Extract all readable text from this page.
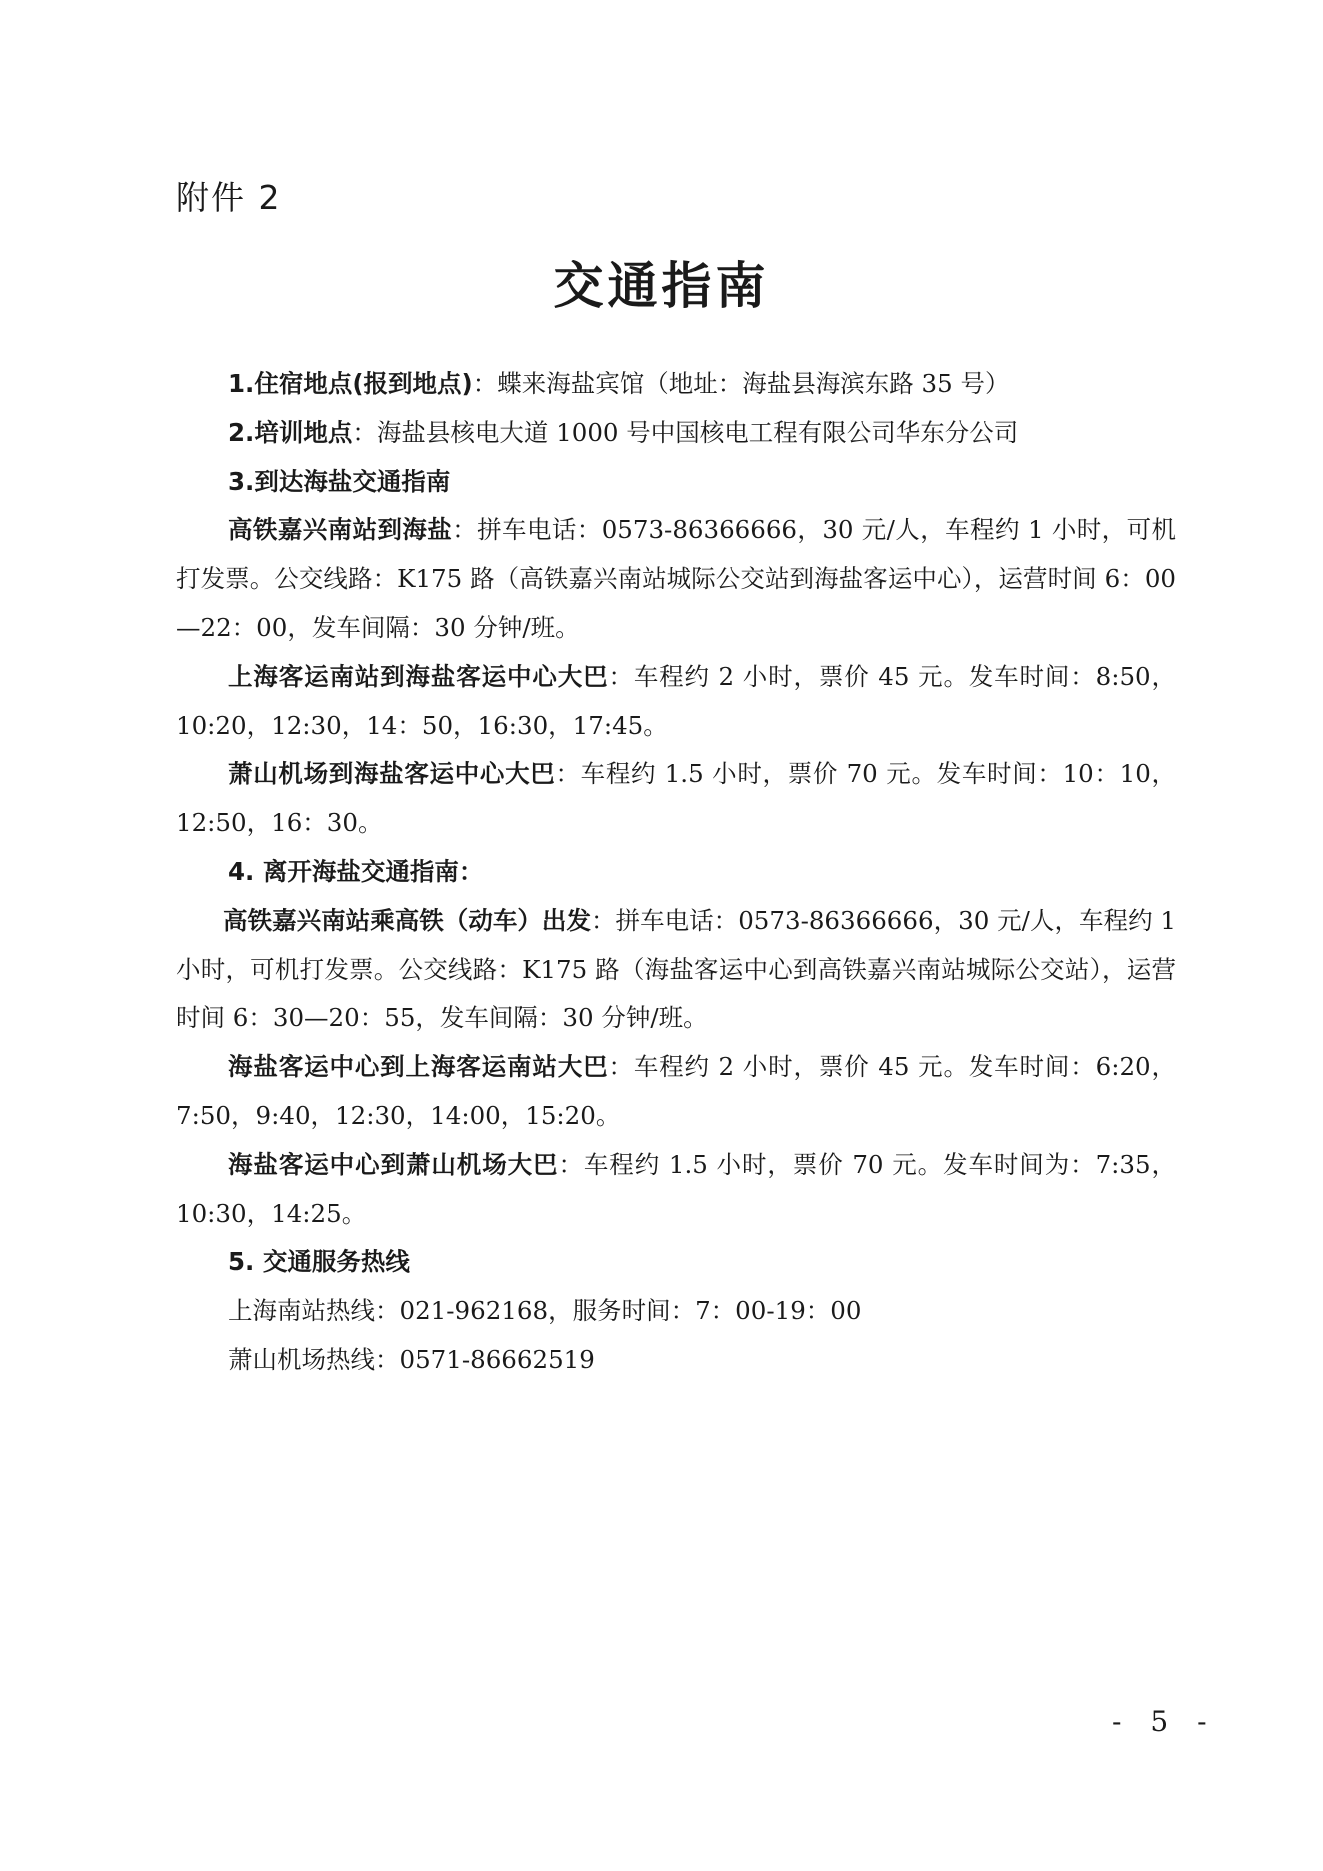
附件 2
交通指南

1.住宿地点(报到地点)：蝶来海盐宾馆（地址：海盐县海滨东路 35 号）

2.培训地点：海盐县核电大道 1000 号中国核电工程有限公司华东分公司

3.到达海盐交通指南

高铁嘉兴南站到海盐：拼车电话：0573-86366666，30 元/人，车程约 1 小时，可机打发票。公交线路：K175 路（高铁嘉兴南站城际公交站到海盐客运中心），运营时间 6：00—22：00，发车间隔：30 分钟/班。

上海客运南站到海盐客运中心大巴：车程约 2 小时，票价 45 元。发车时间：8:50，10:20，12:30，14：50，16:30，17:45。

萧山机场到海盐客运中心大巴：车程约 1.5 小时，票价 70 元。发车时间：10：10，12:50，16：30。

4. 离开海盐交通指南：

高铁嘉兴南站乘高铁（动车）出发：拼车电话：0573-86366666，30 元/人，车程约 1 小时，可机打发票。公交线路：K175 路（海盐客运中心到高铁嘉兴南站城际公交站），运营时间 6：30—20：55，发车间隔：30 分钟/班。

海盐客运中心到上海客运南站大巴：车程约 2 小时，票价 45 元。发车时间：6:20，7:50，9:40，12:30，14:00，15:20。

海盐客运中心到萧山机场大巴：车程约 1.5 小时，票价 70 元。发车时间为：7:35，10:30，14:25。

5. 交通服务热线

上海南站热线：021-962168，服务时间：7：00-19：00

萧山机场热线：0571-86662519

- 5 -
